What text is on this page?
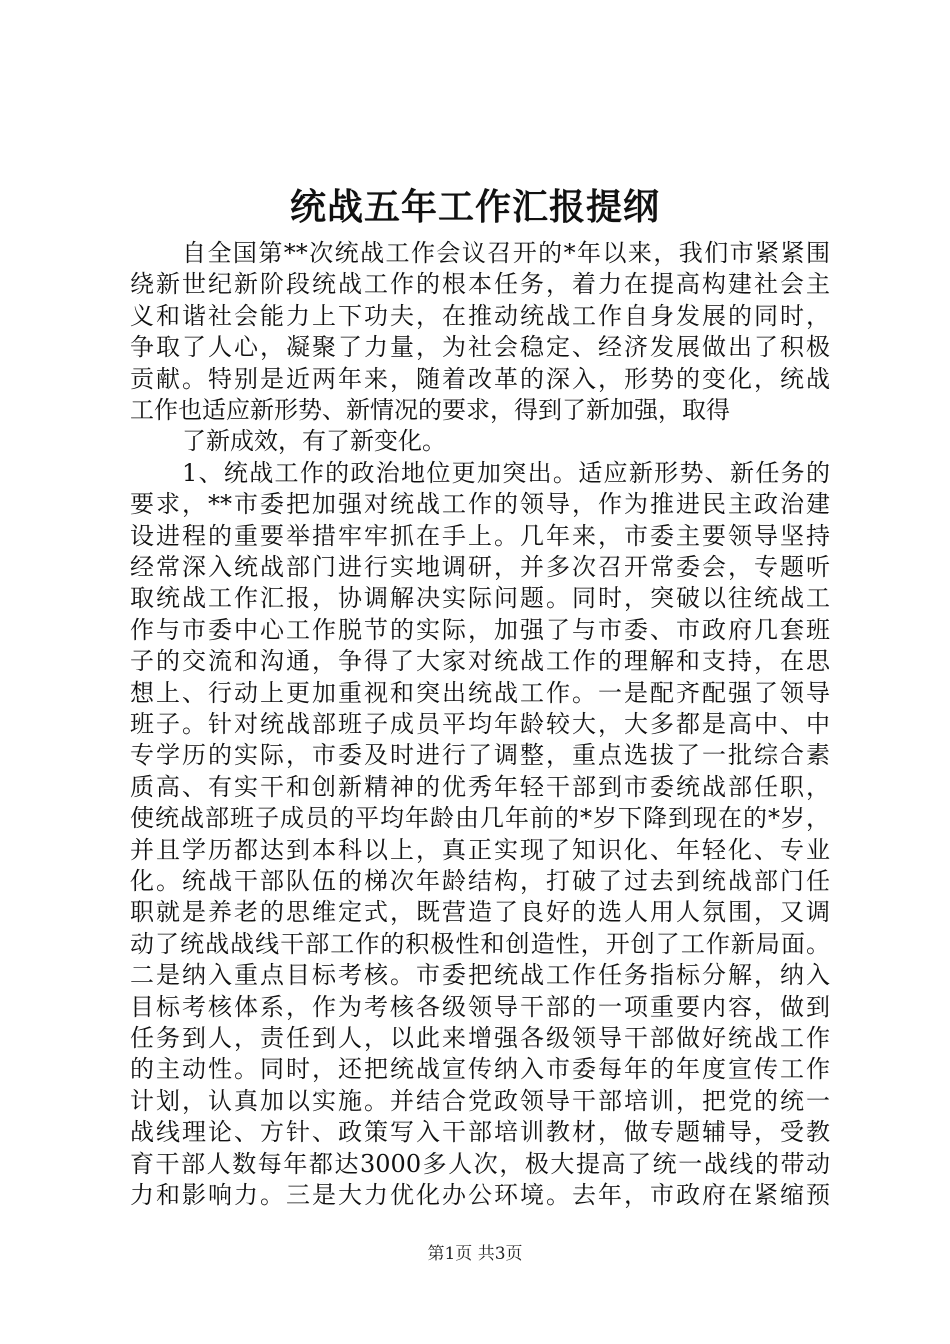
统战五年工作汇报提纲
自全国第**次统战工作会议召开的*年以来，我们市紧紧围
绕新世纪新阶段统战工作的根本任务，着力在提高构建社会主
义和谐社会能力上下功夫，在推动统战工作自身发展的同时，
争取了人心，凝聚了力量，为社会稳定、经济发展做出了积极
贡献。特别是近两年来，随着改革的深入，形势的变化，统战
工作也适应新形势、新情况的要求，得到了新加强，取得
了新成效，有了新变化。
1、统战工作的政治地位更加突出。适应新形势、新任务的
要求，**市委把加强对统战工作的领导，作为推进民主政治建
设进程的重要举措牢牢抓在手上。几年来，市委主要领导坚持
经常深入统战部门进行实地调研，并多次召开常委会，专题听
取统战工作汇报，协调解决实际问题。同时，突破以往统战工
作与市委中心工作脱节的实际，加强了与市委、市政府几套班
子的交流和沟通，争得了大家对统战工作的理解和支持，在思
想上、行动上更加重视和突出统战工作。一是配齐配强了领导
班子。针对统战部班子成员平均年龄较大，大多都是高中、中
专学历的实际，市委及时进行了调整，重点选拔了一批综合素
质高、有实干和创新精神的优秀年轻干部到市委统战部任职，
使统战部班子成员的平均年龄由几年前的*岁下降到现在的*岁，
并且学历都达到本科以上，真正实现了知识化、年轻化、专业
化。统战干部队伍的梯次年龄结构，打破了过去到统战部门任
职就是养老的思维定式，既营造了良好的选人用人氛围，又调
动了统战战线干部工作的积极性和创造性，开创了工作新局面。
二是纳入重点目标考核。市委把统战工作任务指标分解，纳入
目标考核体系，作为考核各级领导干部的一项重要内容，做到
任务到人，责任到人，以此来增强各级领导干部做好统战工作
的主动性。同时，还把统战宣传纳入市委每年的年度宣传工作
计划，认真加以实施。并结合党政领导干部培训，把党的统一
战线理论、方针、政策写入干部培训教材，做专题辅导，受教
育干部人数每年都达3000多人次，极大提高了统一战线的带动
力和影响力。三是大力优化办公环境。去年，市政府在紧缩预
第1页 共3页
